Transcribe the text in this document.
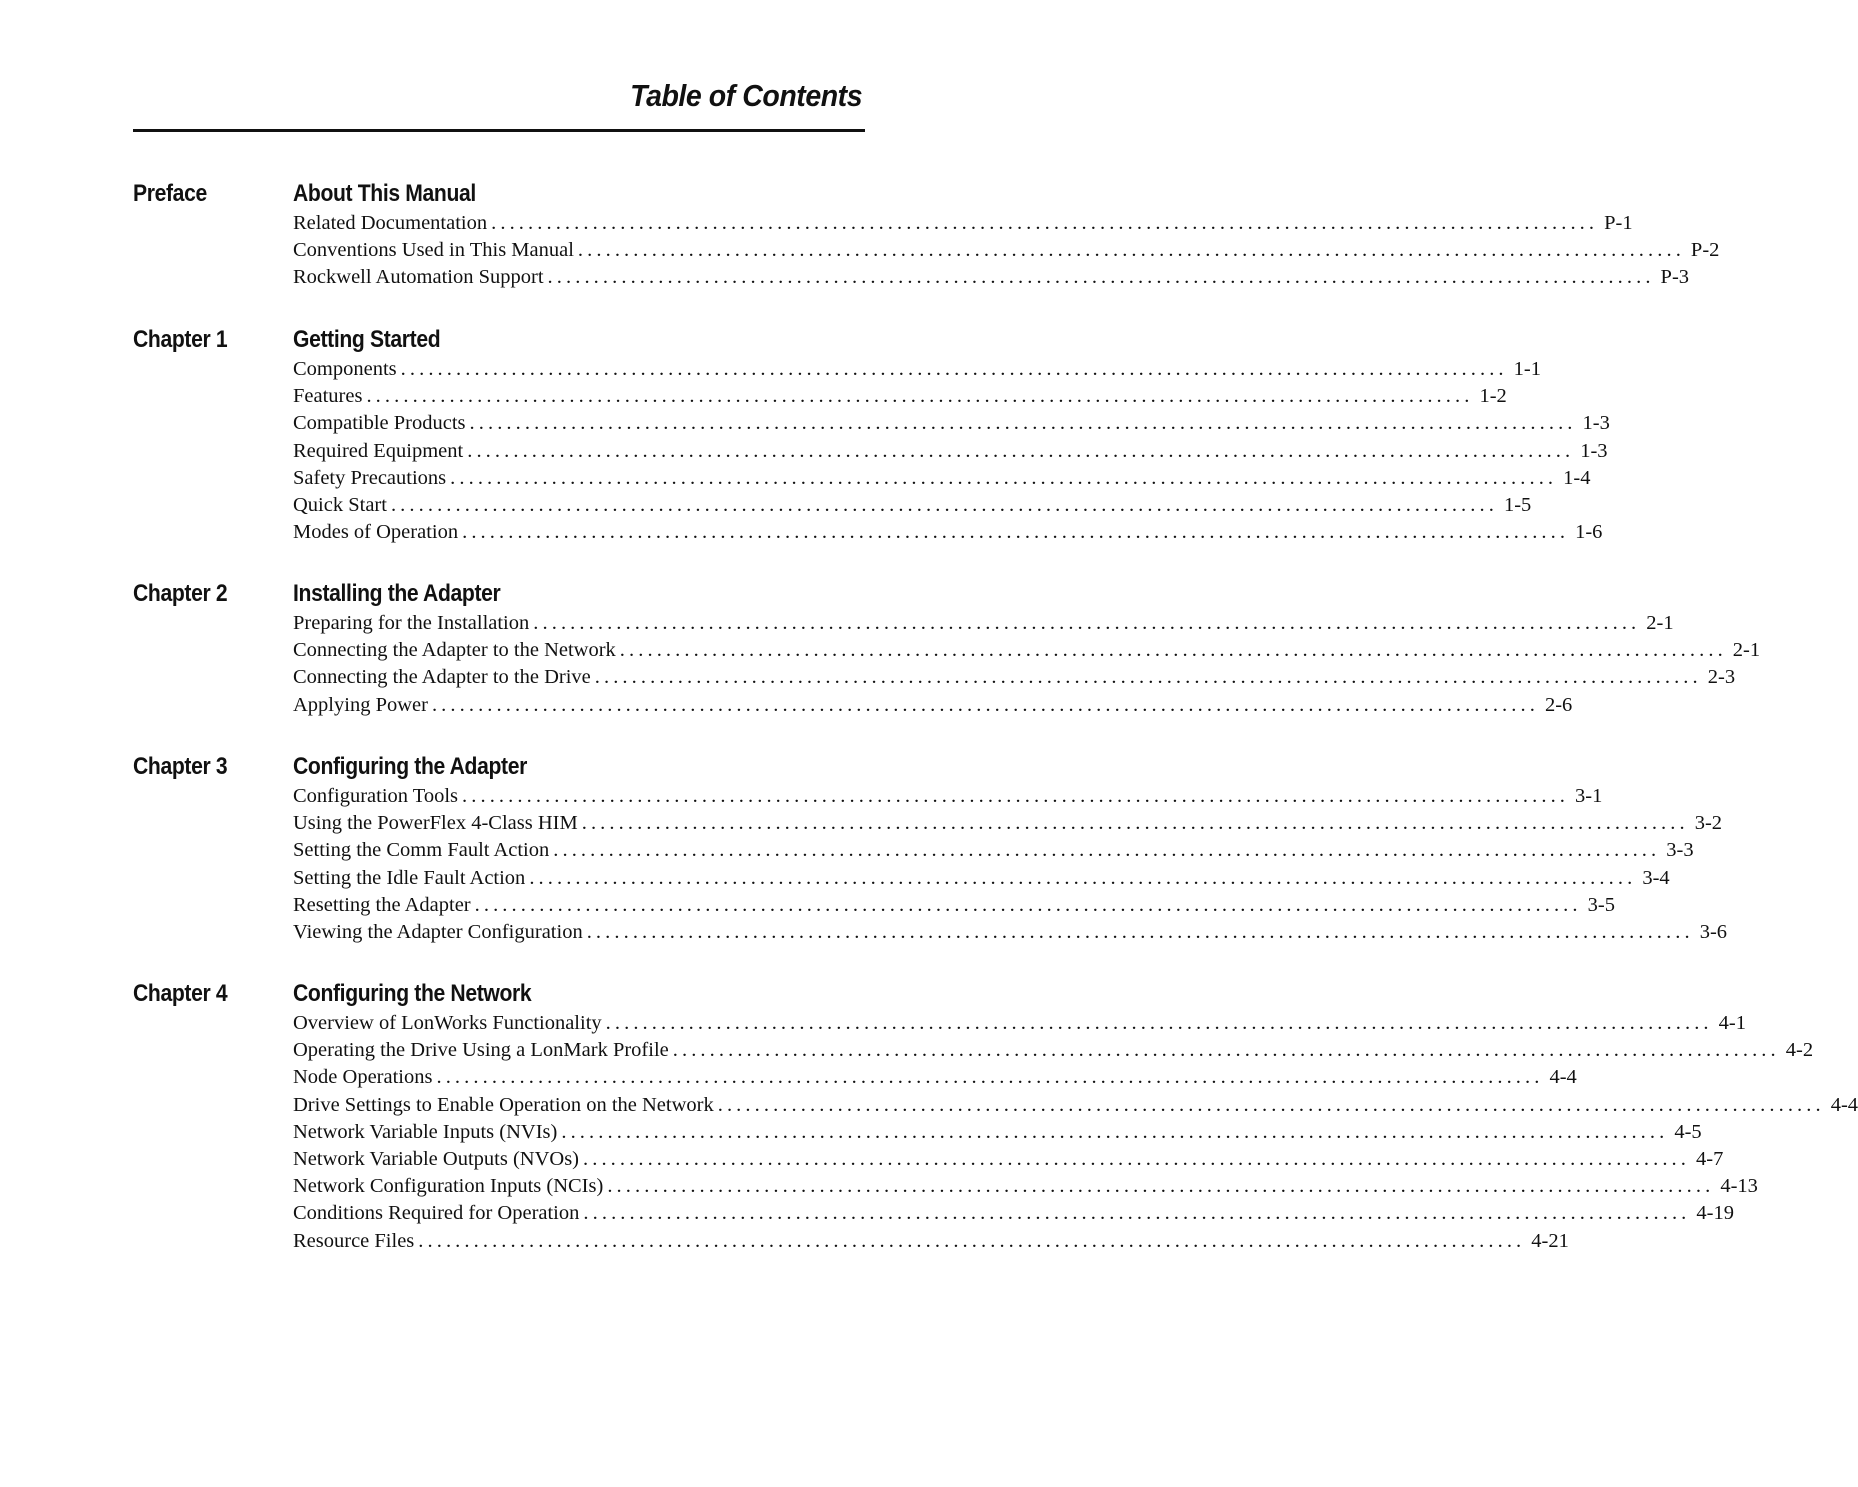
Table of Contents
Preface	About This Manual
Related Documentation ........................................................................................................................ P-1
Conventions Used in This Manual ........................................................................................................................ P-2
Rockwell Automation Support ........................................................................................................................ P-3
Chapter 1	Getting Started
Components ........................................................................................................................ 1-1
Features ........................................................................................................................ 1-2
Compatible Products ........................................................................................................................ 1-3
Required Equipment ........................................................................................................................ 1-3
Safety Precautions ........................................................................................................................ 1-4
Quick Start ........................................................................................................................ 1-5
Modes of Operation ........................................................................................................................ 1-6
Chapter 2	Installing the Adapter
Preparing for the Installation ........................................................................................................................ 2-1
Connecting the Adapter to the Network ........................................................................................................................ 2-1
Connecting the Adapter to the Drive ........................................................................................................................ 2-3
Applying Power ........................................................................................................................ 2-6
Chapter 3	Configuring the Adapter
Configuration Tools ........................................................................................................................ 3-1
Using the PowerFlex 4-Class HIM ........................................................................................................................ 3-2
Setting the Comm Fault Action ........................................................................................................................ 3-3
Setting the Idle Fault Action ........................................................................................................................ 3-4
Resetting the Adapter ........................................................................................................................ 3-5
Viewing the Adapter Configuration ........................................................................................................................ 3-6
Chapter 4	Configuring the Network
Overview of LonWorks Functionality ........................................................................................................................ 4-1
Operating the Drive Using a LonMark Profile ........................................................................................................................ 4-2
Node Operations ........................................................................................................................ 4-4
Drive Settings to Enable Operation on the Network ........................................................................................................................ 4-4
Network Variable Inputs (NVIs) ........................................................................................................................ 4-5
Network Variable Outputs (NVOs) ........................................................................................................................ 4-7
Network Configuration Inputs (NCIs) ........................................................................................................................ 4-13
Conditions Required for Operation ........................................................................................................................ 4-19
Resource Files ........................................................................................................................ 4-21
